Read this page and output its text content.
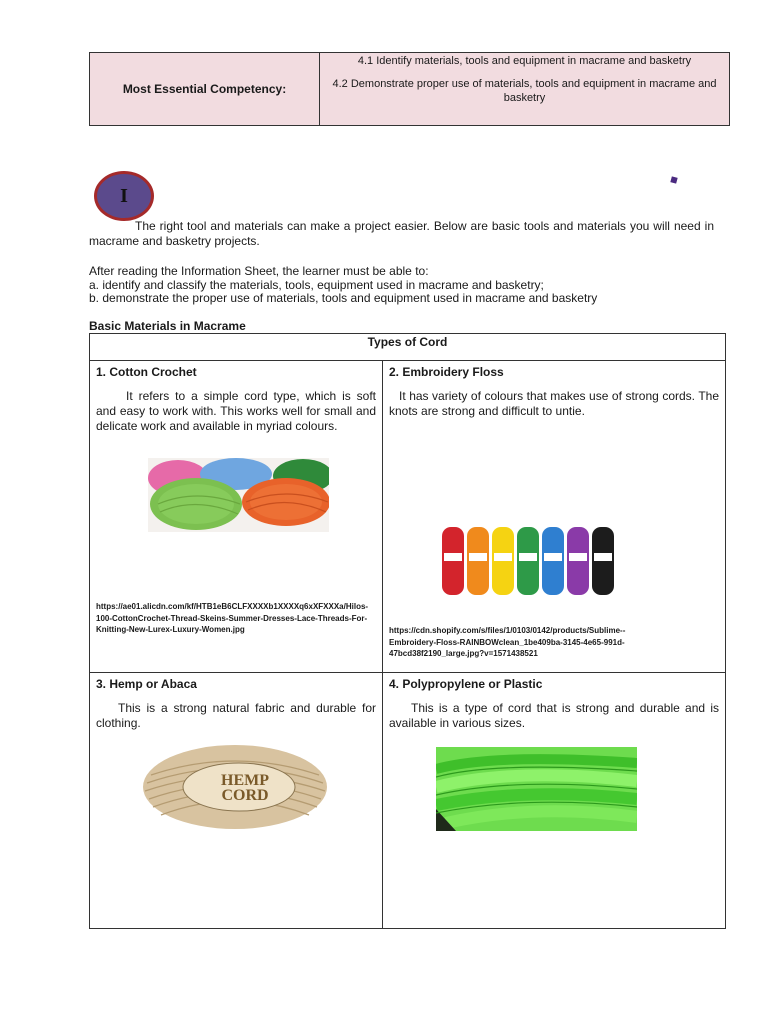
Most Essential Competency:
4.1 Identify materials, tools and equipment in macrame and basketry
4.2 Demonstrate proper use of materials, tools and equipment in macrame and basketry
I
The right tool and materials can make a project easier. Below are basic tools and materials you will need in macrame and basketry projects.
After reading the Information Sheet, the learner must be able to:
a. identify and classify the materials, tools, equipment used in macrame and basketry;
b. demonstrate the proper use of materials, tools and equipment used in macrame and basketry
Basic Materials in Macrame
Types of Cord
1. Cotton Crochet
It refers to a simple cord type, which is soft and easy to work with. This works well for small and delicate work and available in myriad colours.
https://ae01.alicdn.com/kf/HTB1eB6CLFXXXXb1XXXXq6xXFXXXa/Hilos-100-CottonCrochet-Thread-Skeins-Summer-Dresses-Lace-Threads-For-Knitting-New-Lurex-Luxury-Women.jpg
2. Embroidery Floss
It has variety of colours that makes use of strong cords. The knots are strong and difficult to untie.
https://cdn.shopify.com/s/files/1/0103/0142/products/Sublime--Embroidery-Floss-RAINBOWclean_1be409ba-3145-4e65-991d-47bcd38f2190_large.jpg?v=1571438521
3. Hemp or Abaca
This is a strong natural fabric and durable for clothing.
HEMP
CORD
4. Polypropylene or Plastic
This is a type of cord that is strong and durable and is available in various sizes.
